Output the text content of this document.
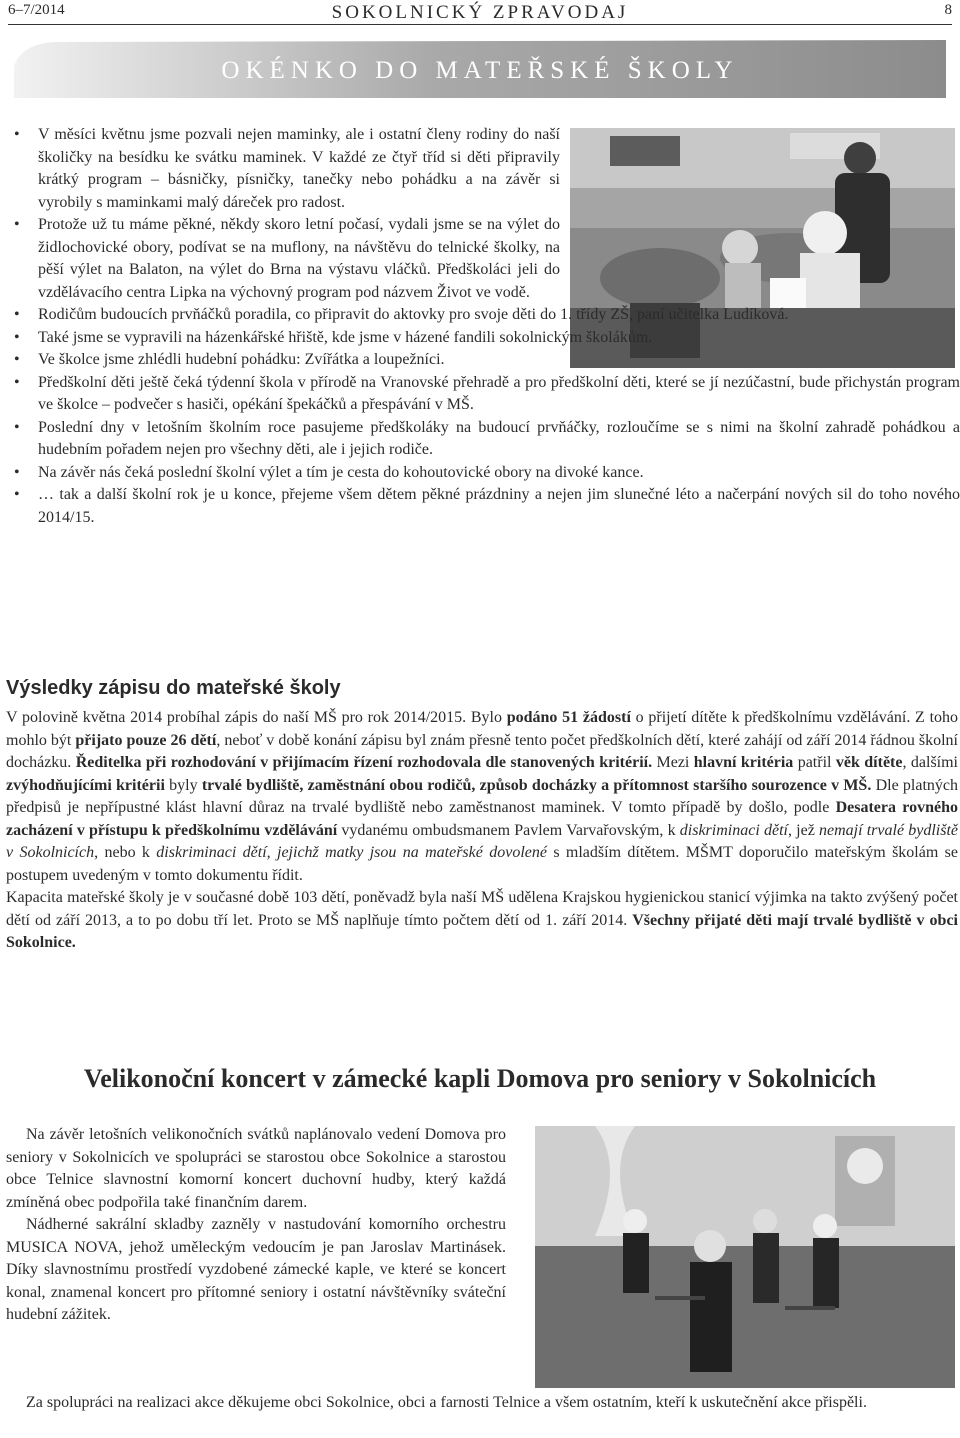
6–7/2014	SOKOLNICKÝ ZPRAVODAJ	8
OKÉNKO DO MATEŘSKÉ ŠKOLY
• V měsíci květnu jsme pozvali nejen maminky, ale i ostatní členy rodiny do naší školičky na besídku ke svátku maminek. V každé ze čtyř tříd si děti připravily krátký program – básničky, písničky, tanečky nebo pohádku a na závěr si vyrobily s maminkami malý dáreček pro radost.
• Protože už tu máme pěkné, někdy skoro letní počasí, vydali jsme se na výlet do židlochovické obory, podívat se na muflony, na návštěvu do telnické školky, na pěší výlet na Balaton, na výlet do Brna na výstavu vláčků. Předškoláci jeli do vzdělávacího centra Lipka na výchovný program pod názvem Život ve vodě.
• Rodičům budoucích prvňáčků poradila, co připravit do aktovky pro svoje děti do 1. třídy ZŠ, paní učitelka Ludíková.
• Také jsme se vypravili na házenkářské hřiště, kde jsme v házené fandili sokolnickým školákům.
• Ve školce jsme zhlédli hudební pohádku: Zvířátka a loupežníci.
• Předškolní děti ještě čeká týdenní škola v přírodě na Vranovské přehradě a pro předškolní děti, které se jí nezúčastní, bude přichystán program ve školce – podvečer s hasiči, opékání špekáčků a přespávání v MŠ.
• Poslední dny v letošním školním roce pasujeme předškoláky na budoucí prvňáčky, rozloučíme se s nimi na školní zahradě pohádkou a hudebním pořadem nejen pro všechny děti, ale i jejich rodiče.
• Na závěr nás čeká poslední školní výlet a tím je cesta do kohoutovické obory na divoké kance.
• … tak a další školní rok je u konce, přejeme všem dětem pěkné prázdniny a nejen jim slunečné léto a načerpání nových sil do toho nového 2014/15.
Výsledky zápisu do mateřské školy
V polovině května 2014 probíhal zápis do naší MŠ pro rok 2014/2015. Bylo podáno 51 žádostí o přijetí dítěte k předškolnímu vzdělávání. Z toho mohlo být přijato pouze 26 dětí, neboť v době konání zápisu byl znám přesně tento počet předškolních dětí, které zahájí od září 2014 řádnou školní docházku. Ředitelka při rozhodování v přijímacím řízení rozhodovala dle stanovených kritérií. Mezi hlavní kritéria patřil věk dítěte, dalšími zvýhodňujícími kritérii byly trvalé bydliště, zaměstnání obou rodičů, způsob docházky a přítomnost staršího sourozence v MŠ. Dle platných předpisů je nepřípustné klást hlavní důraz na trvalé bydliště nebo zaměstnanost maminek. V tomto případě by došlo, podle Desatera rovného zacházení v přístupu k předškolnímu vzdělávání vydanému ombudsmanem Pavlem Varvařovským, k diskriminaci dětí, jež nemají trvalé bydliště v Sokolnicích, nebo k diskriminaci dětí, jejichž matky jsou na mateřské dovolené s mladším dítětem. MŠMT doporučilo mateřským školám se postupem uvedeným v tomto dokumentu řídit.
Kapacita mateřské školy je v současné době 103 dětí, poněvadž byla naší MŠ udělena Krajskou hygienickou stanicí výjimka na takto zvýšený počet dětí od září 2013, a to po dobu tří let. Proto se MŠ naplňuje tímto počtem dětí od 1. září 2014. Všechny přijaté děti mají trvalé bydliště v obci Sokolnice.
Velikonoční koncert v zámecké kapli Domova pro seniory v Sokolnicích

Na závěr letošních velikonočních svátků naplánovalo vedení Domova pro seniory v Sokolnicích ve spolupráci se starostou obce Sokolnice a starostou obce Telnice slavnostní komorní koncert duchovní hudby, který každá zmíněná obec podpořila také finančním darem.

Nádherné sakrální skladby zazněly v nastudování komorního orchestru MUSICA NOVA, jehož uměleckým vedoucím je pan Jaroslav Martinásek. Díky slavnostnímu prostředí vyzdobené zámecké kaple, ve které se koncert konal, znamenal koncert pro přítomné seniory i ostatní návštěvníky sváteční hudební zážitek.

Za spolupráci na realizaci akce děkujeme obci Sokolnice, obci a farnosti Telnice a všem ostatním, kteří k uskutečnění akce přispěli.
